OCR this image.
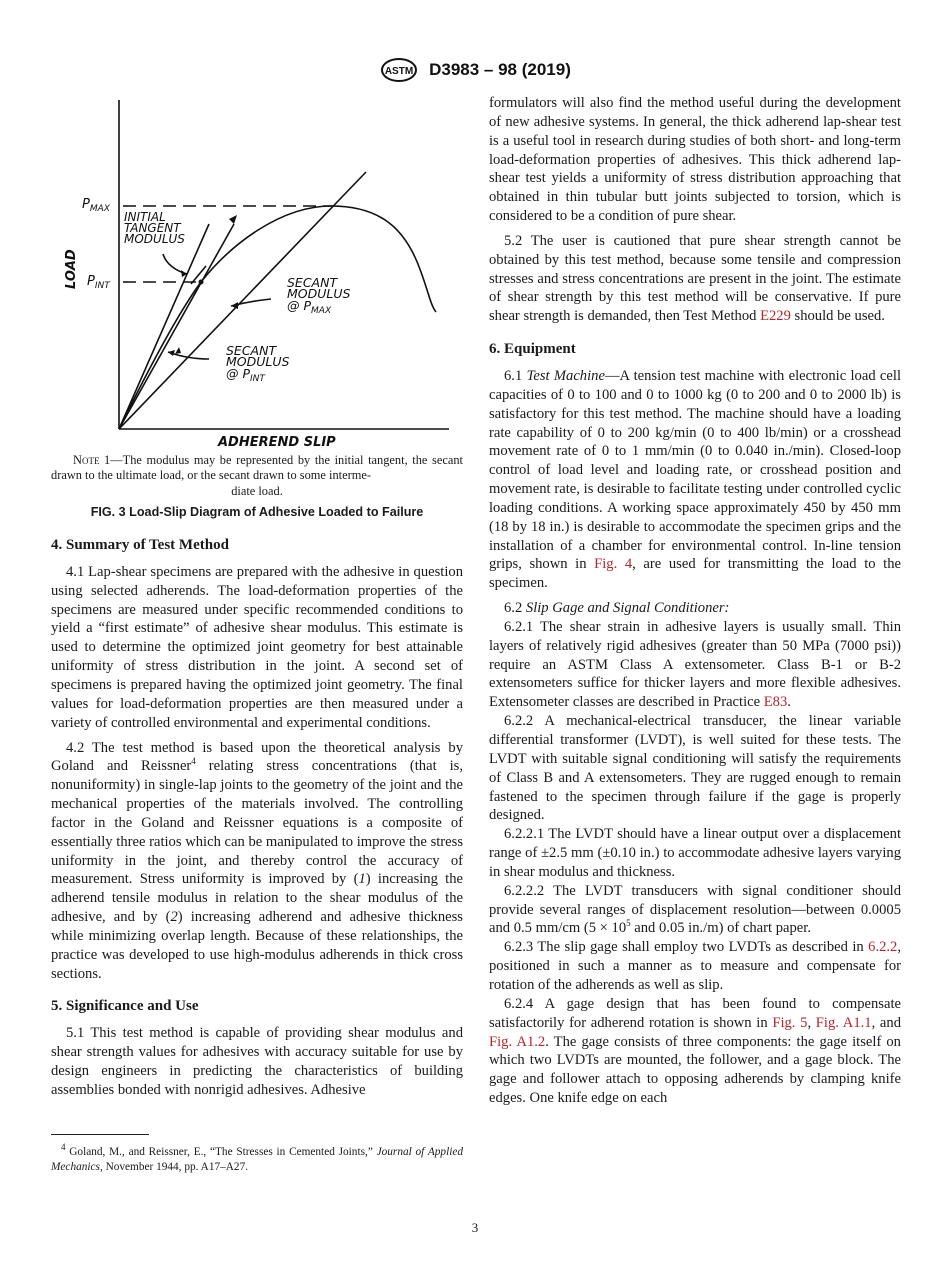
ASTM D3983 – 98 (2019)
$P_{MAX}$
$P_{INT}$
INITIAL
TANGENT
MODULUS
SECANT
MODULUS
@ $P_{MAX}$
SECANT
MODULUS
@ $P_{INT}$
ADHEREND SLIP
LOAD
Note 1—The modulus may be represented by the initial tangent, the secant drawn to the ultimate load, or the secant drawn to some interme-
diate load.
FIG. 3 Load-Slip Diagram of Adhesive Loaded to Failure
4. Summary of Test Method

4.1 Lap-shear specimens are prepared with the adhesive in question using selected adherends. The load-deformation properties of the specimens are measured under specific recommended conditions to yield a “first estimate” of adhesive shear modulus. This estimate is used to determine the optimized joint geometry for best attainable uniformity of stress distribution in the joint. A second set of specimens is prepared having the optimized joint geometry. The final values for load-deformation properties are then measured under a variety of controlled environmental and experimental conditions.

4.2 The test method is based upon the theoretical analysis by Goland and Reissner$^4$ relating stress concentrations (that is, nonuniformity) in single-lap joints to the geometry of the joint and the mechanical properties of the materials involved. The controlling factor in the Goland and Reissner equations is a composite of essentially three ratios which can be manipulated to improve the stress uniformity in the joint, and thereby control the accuracy of measurement. Stress uniformity is improved by (1) increasing the adherend tensile modulus in relation to the shear modulus of the adhesive, and by (2) increasing adherend and adhesive thickness while minimizing overlap length. Because of these relationships, the practice was developed to use high-modulus adherends in thick cross sections.

5. Significance and Use

5.1 This test method is capable of providing shear modulus and shear strength values for adhesives with accuracy suitable for use by design engineers in predicting the characteristics of building assemblies bonded with nonrigid adhesives. Adhesive

$^4$ Goland, M., and Reissner, E., “The Stresses in Cemented Joints,” Journal of Applied Mechanics, November 1944, pp. A17–A27.

formulators will also find the method useful during the development of new adhesive systems. In general, the thick adherend lap-shear test is a useful tool in research during studies of both short- and long-term load-deformation properties of adhesives. This thick adherend lap-shear test yields a uniformity of stress distribution approaching that obtained in thin tubular butt joints subjected to torsion, which is considered to be a condition of pure shear.

5.2 The user is cautioned that pure shear strength cannot be obtained by this test method, because some tensile and compression stresses and stress concentrations are present in the joint. The estimate of shear strength by this test method will be conservative. If pure shear strength is demanded, then Test Method E229 should be used.

6. Equipment

6.1 Test Machine—A tension test machine with electronic load cell capacities of 0 to 100 and 0 to 1000 kg (0 to 200 and 0 to 2000 lb) is satisfactory for this test method. The machine should have a loading rate capability of 0 to 200 kg/min (0 to 400 lb/min) or a crosshead movement rate of 0 to 1 mm/min (0 to 0.040 in./min). Closed-loop control of load level and loading rate, or crosshead position and movement rate, is desirable to facilitate testing under controlled cyclic loading conditions. A working space approximately 450 by 450 mm (18 by 18 in.) is desirable to accommodate the specimen grips and the installation of a chamber for environmental control. In-line tension grips, shown in Fig. 4, are used for transmitting the load to the specimen.

6.2 Slip Gage and Signal Conditioner:

6.2.1 The shear strain in adhesive layers is usually small. Thin layers of relatively rigid adhesives (greater than 50 MPa (7000 psi)) require an ASTM Class A extensometer. Class B-1 or B-2 extensometers suffice for thicker layers and more flexible adhesives. Extensometer classes are described in Practice E83.

6.2.2 A mechanical-electrical transducer, the linear variable differential transformer (LVDT), is well suited for these tests. The LVDT with suitable signal conditioning will satisfy the requirements of Class B and A extensometers. They are rugged enough to remain fastened to the specimen through failure if the gage is properly designed.

6.2.2.1 The LVDT should have a linear output over a displacement range of ±2.5 mm (±0.10 in.) to accommodate adhesive layers varying in shear modulus and thickness.

6.2.2.2 The LVDT transducers with signal conditioner should provide several ranges of displacement resolution—between 0.0005 and 0.5 mm/cm ($5 \times 10^5$ and 0.05 in./m) of chart paper.

6.2.3 The slip gage shall employ two LVDTs as described in 6.2.2, positioned in such a manner as to measure and compensate for rotation of the adherends as well as slip.

6.2.4 A gage design that has been found to compensate satisfactorily for adherend rotation is shown in Fig. 5, Fig. A1.1, and Fig. A1.2. The gage consists of three components: the gage itself on which two LVDTs are mounted, the follower, and a gage block. The gage and follower attach to opposing adherends by clamping knife edges. One knife edge on each

3
